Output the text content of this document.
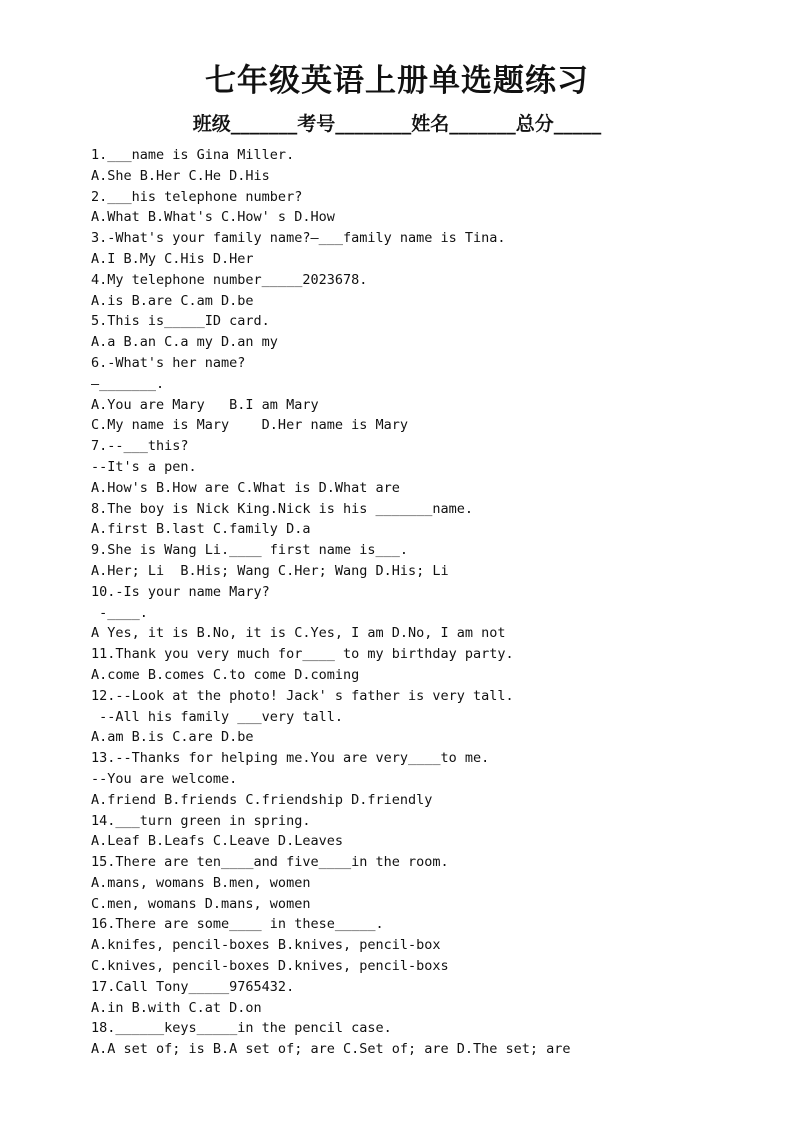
七年级英语上册单选题练习
班级_______考号________姓名_______总分_____
1.___name is Gina Miller.
A.She B.Her C.He D.His
2.___his telephone number?
A.What B.What's C.How' s D.How
3.-What's your family name?—___family name is Tina.
A.I B.My C.His D.Her
4.My telephone number_____2023678.
A.is B.are C.am D.be
5.This is_____ID card.
A.a B.an C.a my D.an my
6.-What's her name?
—_______.
A.You are Mary   B.I am Mary
C.My name is Mary    D.Her name is Mary
7.--___this?
--It's a pen.
A.How's B.How are C.What is D.What are
8.The boy is Nick King.Nick is his _______name.
A.first B.last C.family D.a
9.She is Wang Li.____ first name is___.
A.Her; Li  B.His; Wang C.Her; Wang D.His; Li
10.-Is your name Mary?
-____.
A Yes, it is B.No, it is C.Yes, I am D.No, I am not
11.Thank you very much for____ to my birthday party.
A.come B.comes C.to come D.coming
12.--Look at the photo! Jack' s father is very tall.
--All his family ___very tall.
A.am B.is C.are D.be
13.--Thanks for helping me.You are very____to me.
--You are welcome.
A.friend B.friends C.friendship D.friendly
14.___turn green in spring.
A.Leaf B.Leafs C.Leave D.Leaves
15.There are ten____and five____in the room.
A.mans, womans B.men, women
C.men, womans D.mans, women
16.There are some____ in these_____.
A.knifes, pencil-boxes B.knives, pencil-box
C.knives, pencil-boxes D.knives, pencil-boxs
17.Call Tony_____9765432.
A.in B.with C.at D.on
18.______keys_____in the pencil case.
A.A set of; is B.A set of; are C.Set of; are D.The set; are
